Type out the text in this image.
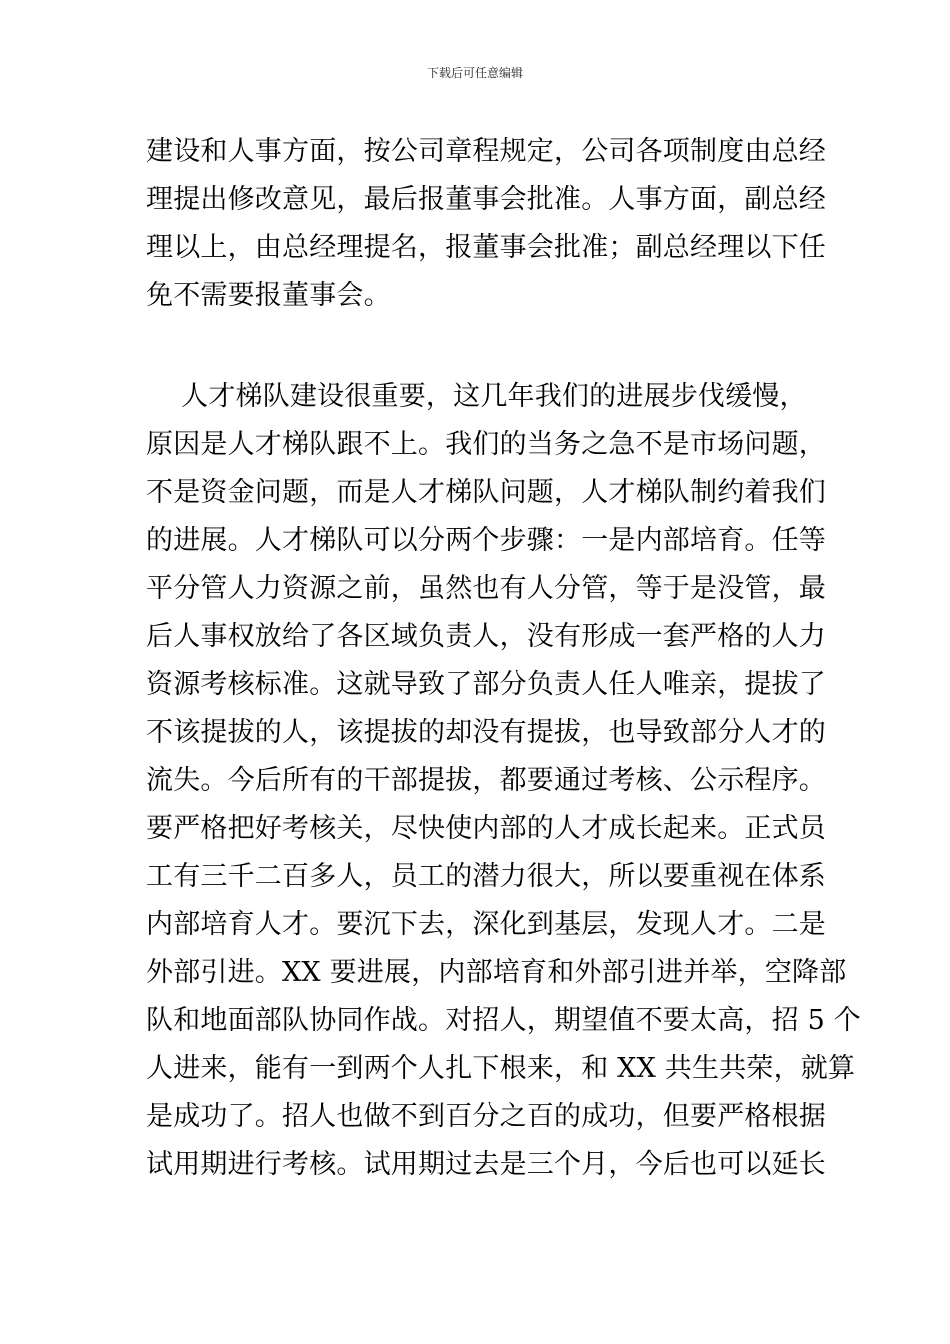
下载后可任意编辑
建设和人事方面，按公司章程规定，公司各项制度由总经
理提出修改意见，最后报董事会批准。人事方面，副总经
理以上，由总经理提名，报董事会批准；副总经理以下任
免不需要报董事会。
人才梯队建设很重要，这几年我们的进展步伐缓慢，
原因是人才梯队跟不上。我们的当务之急不是市场问题，
不是资金问题，而是人才梯队问题，人才梯队制约着我们
的进展。人才梯队可以分两个步骤：一是内部培育。任等
平分管人力资源之前，虽然也有人分管，等于是没管，最
后人事权放给了各区域负责人，没有形成一套严格的人力
资源考核标准。这就导致了部分负责人任人唯亲，提拔了
不该提拔的人，该提拔的却没有提拔，也导致部分人才的
流失。今后所有的干部提拔，都要通过考核、公示程序。
要严格把好考核关，尽快使内部的人才成长起来。正式员
工有三千二百多人，员工的潜力很大，所以要重视在体系
内部培育人才。要沉下去，深化到基层，发现人才。二是
外部引进。XX 要进展，内部培育和外部引进并举，空降部
队和地面部队协同作战。对招人，期望值不要太高，招 5 个
人进来，能有一到两个人扎下根来，和 XX 共生共荣，就算
是成功了。招人也做不到百分之百的成功，但要严格根据
试用期进行考核。试用期过去是三个月，今后也可以延长
